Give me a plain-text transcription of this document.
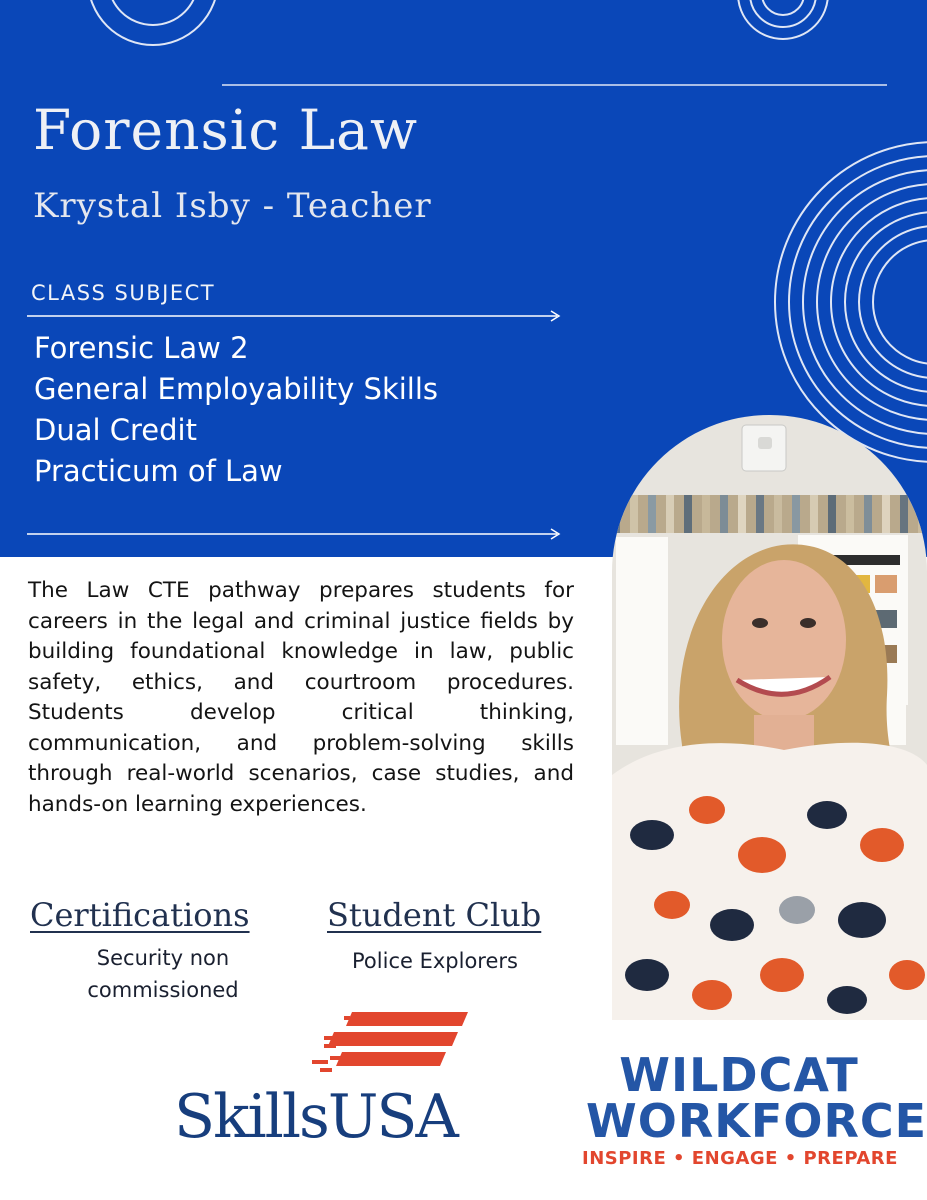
Forensic Law
Krystal Isby - Teacher
CLASS SUBJECT
Forensic Law 2
General Employability Skills
Dual Credit
Practicum of Law

The Law CTE pathway prepares students for careers in the legal and criminal justice fields by building foundational knowledge in law, public safety, ethics, and courtroom procedures. Students develop critical thinking, communication, and problem-solving skills through real-world scenarios, case studies, and hands-on learning experiences.

Certifications
Security non commissioned
Student Club
Police Explorers
SkillsUSA
WILDCAT
WORKFORCE
INSPIRE • ENGAGE • PREPARE
